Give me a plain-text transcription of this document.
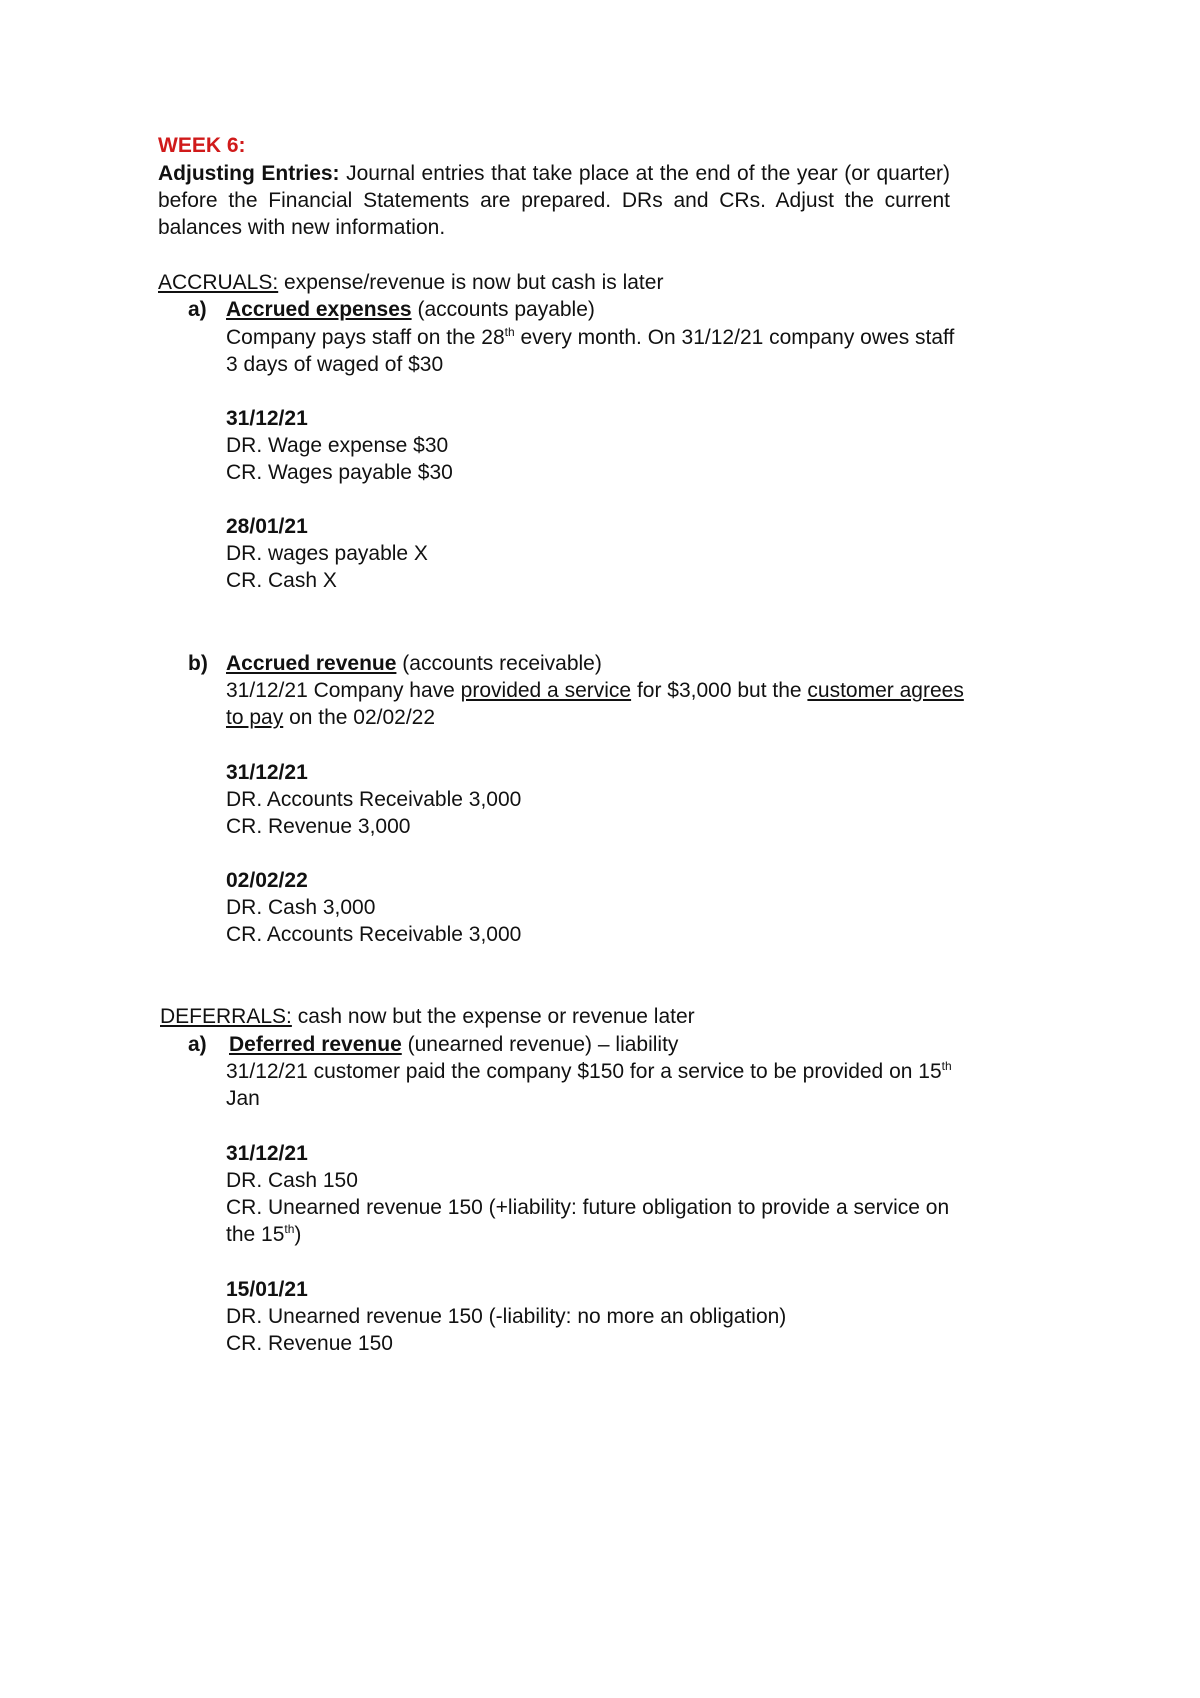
WEEK 6:
Adjusting Entries: Journal entries that take place at the end of the year (or quarter)
before the Financial Statements are prepared. DRs and CRs. Adjust the current
balances with new information.
ACCRUALS: expense/revenue is now but cash is later
a) Accrued expenses (accounts payable)
Company pays staff on the 28th every month. On 31/12/21 company owes staff
3 days of waged of $30
31/12/21
DR. Wage expense $30
CR. Wages payable $30
28/01/21
DR. wages payable X
CR. Cash X
b) Accrued revenue (accounts receivable)
31/12/21 Company have provided a service for $3,000 but the customer agrees
to pay on the 02/02/22
31/12/21
DR. Accounts Receivable 3,000
CR. Revenue 3,000
02/02/22
DR. Cash 3,000
CR. Accounts Receivable 3,000
DEFERRALS: cash now but the expense or revenue later
a) Deferred revenue (unearned revenue) – liability
31/12/21 customer paid the company $150 for a service to be provided on 15th
Jan
31/12/21
DR. Cash 150
CR. Unearned revenue 150 (+liability: future obligation to provide a service on
the 15th)
15/01/21
DR. Unearned revenue 150 (-liability: no more an obligation)
CR. Revenue 150
